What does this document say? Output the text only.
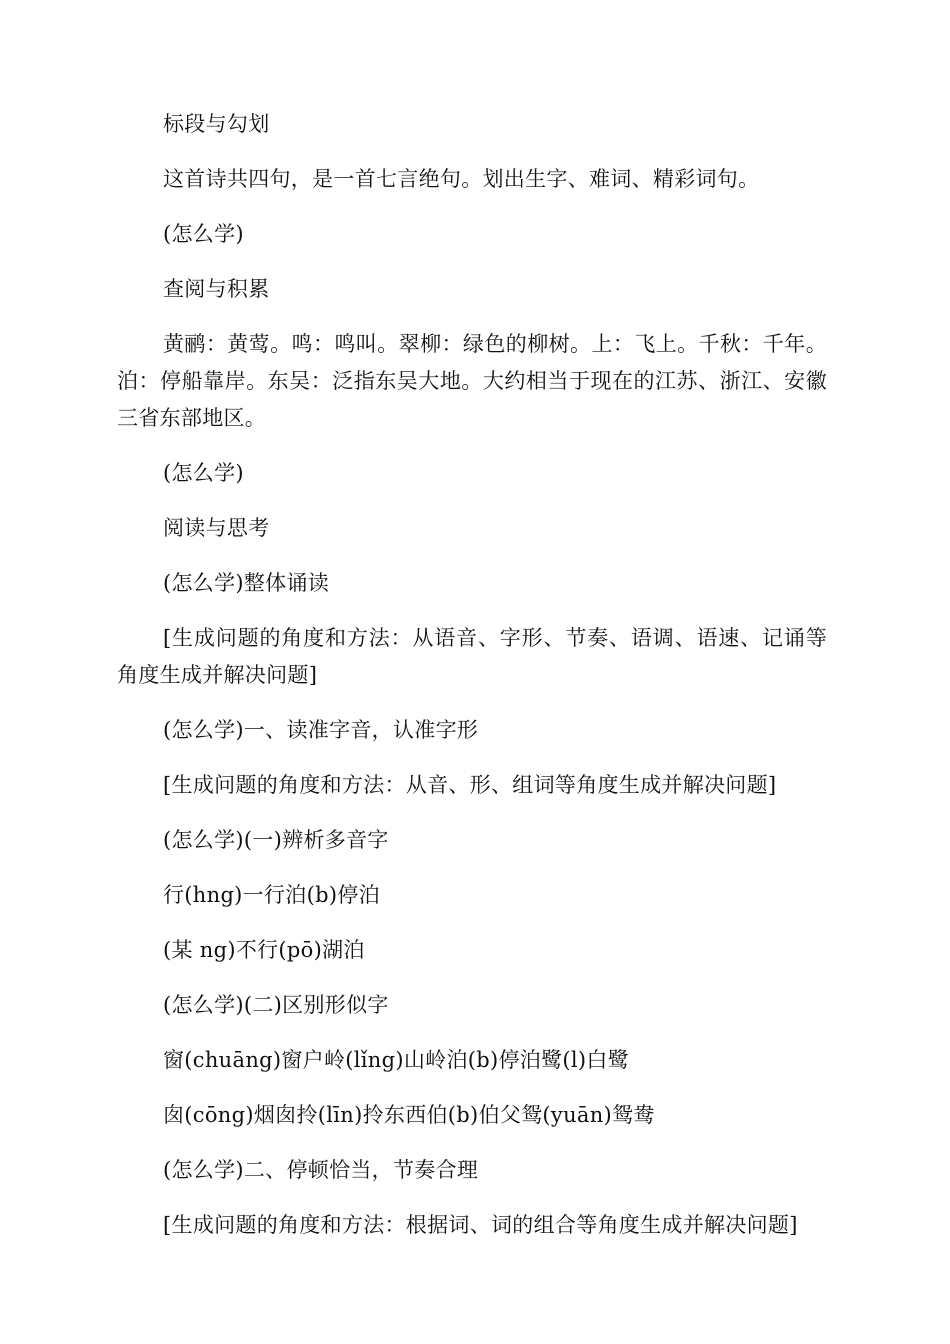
标段与勾划

这首诗共四句，是一首七言绝句。划出生字、难词、精彩词句。

(怎么学)

查阅与积累

黄鹂：黄莺。鸣：鸣叫。翠柳：绿色的柳树。上：飞上。千秋：千年。泊：停船靠岸。东吴：泛指东吴大地。大约相当于现在的江苏、浙江、安徽三省东部地区。

(怎么学)

阅读与思考

(怎么学)整体诵读

[生成问题的角度和方法：从语音、字形、节奏、语调、语速、记诵等角度生成并解决问题]

(怎么学)一、读准字音，认准字形

[生成问题的角度和方法：从音、形、组词等角度生成并解决问题]

(怎么学)(一)辨析多音字

行(hng)一行泊(b)停泊

(某 ng)不行(pō)湖泊

(怎么学)(二)区别形似字

窗(chuāng)窗户岭(lǐng)山岭泊(b)停泊鹭(l)白鹭

囱(cōng)烟囱拎(līn)拎东西伯(b)伯父鸳(yuān)鸳鸯

(怎么学)二、停顿恰当，节奏合理

[生成问题的角度和方法：根据词、词的组合等角度生成并解决问题]
